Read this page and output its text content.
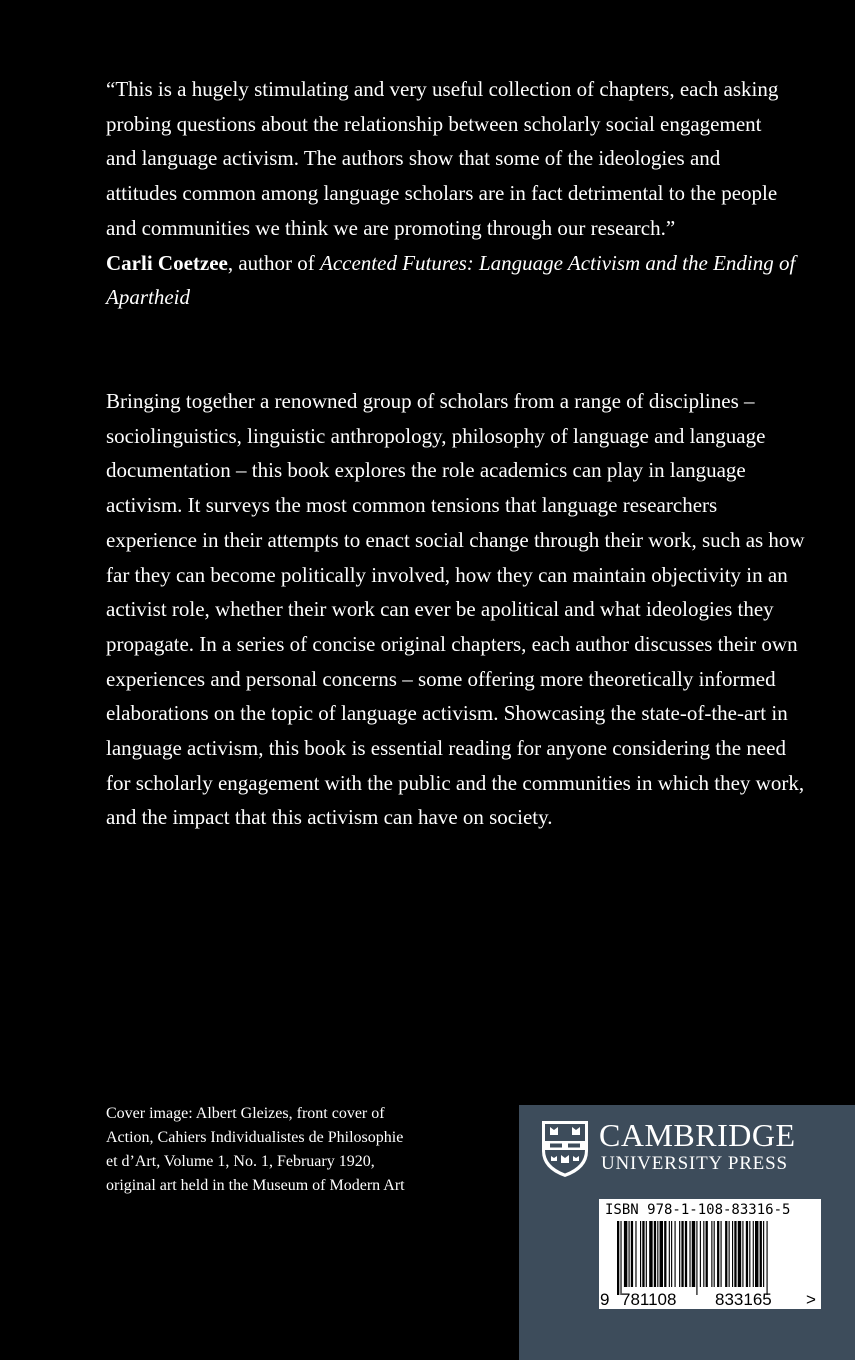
“This is a hugely stimulating and very useful collection of chapters, each asking probing questions about the relationship between scholarly social engagement and language activism. The authors show that some of the ideologies and attitudes common among language scholars are in fact detrimental to the people and communities we think we are promoting through our research.”

Carli Coetzee, author of Accented Futures: Language Activism and the Ending of Apartheid

Bringing together a renowned group of scholars from a range of disciplines – sociolinguistics, linguistic anthropology, philosophy of language and language documentation – this book explores the role academics can play in language activism. It surveys the most common tensions that language researchers experience in their attempts to enact social change through their work, such as how far they can become politically involved, how they can maintain objectivity in an activist role, whether their work can ever be apolitical and what ideologies they propagate. In a series of concise original chapters, each author discusses their own experiences and personal concerns – some offering more theoretically informed elaborations on the topic of language activism. Showcasing the state-of-the-art in language activism, this book is essential reading for anyone considering the need for scholarly engagement with the public and the communities in which they work, and the impact that this activism can have on society.

Cover image: Albert Gleizes, front cover of
Action, Cahiers Individualistes de Philosophie
et d’Art, Volume 1, No. 1, February 1920,
original art held in the Museum of Modern Art
CAMBRIDGE
UNIVERSITY PRESS
ISBN 978-1-108-83316-5
9 781108 833165 >
